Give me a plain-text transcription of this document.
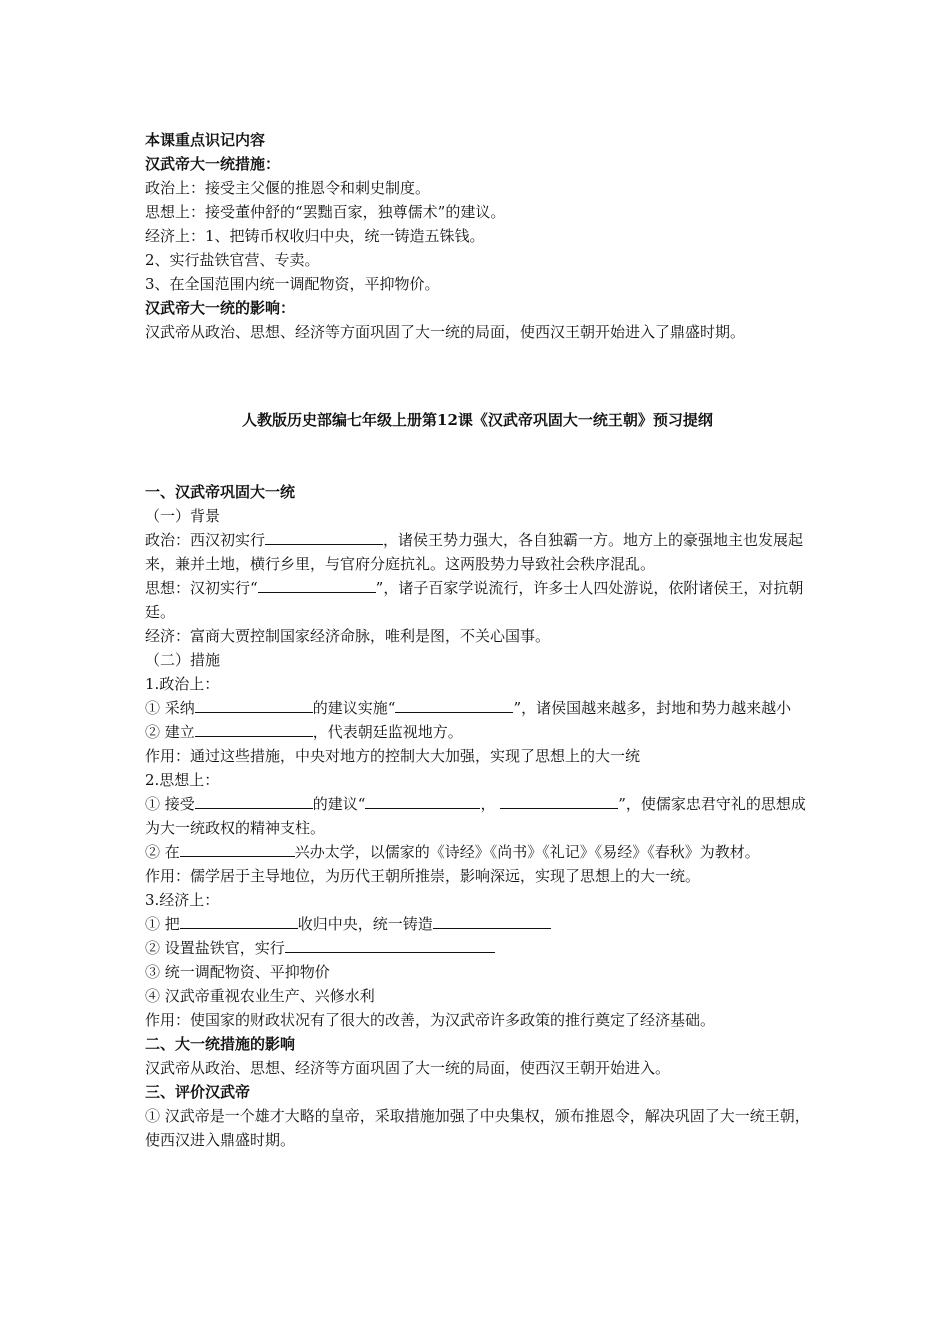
本课重点识记内容
汉武帝大一统措施：
政治上：接受主父偃的推恩令和刺史制度。
思想上：接受董仲舒的“罢黜百家，独尊儒术”的建议。
经济上：1、把铸币权收归中央，统一铸造五铢钱。
2、实行盐铁官营、专卖。
3、在全国范围内统一调配物资，平抑物价。
汉武帝大一统的影响：
汉武帝从政治、思想、经济等方面巩固了大一统的局面，使西汉王朝开始进入了鼎盛时期。
人教版历史部编七年级上册第12课《汉武帝巩固大一统王朝》预习提纲
一、汉武帝巩固大一统
（一）背景
政治：西汉初实行	，诸侯王势力强大，各自独霸一方。地方上的豪强地主也发展起来，兼并土地，横行乡里，与官府分庭抗礼。这两股势力导致社会秩序混乱。
思想：汉初实行“	”，诸子百家学说流行，许多士人四处游说，依附诸侯王，对抗朝廷。
经济：富商大贾控制国家经济命脉，唯利是图，不关心国事。
（二）措施
1.政治上：
① 采纳	的建议实施“	”，诸侯国越来越多，封地和势力越来越小
② 建立	，代表朝廷监视地方。
作用：通过这些措施，中央对地方的控制大大加强，实现了思想上的大一统
2.思想上：
① 接受	的建议“	，	”，使儒家忠君守礼的思想成为大一统政权的精神支柱。
② 在	兴办太学，以儒家的《诗经》《尚书》《礼记》《易经》《春秋》为教材。
作用：儒学居于主导地位，为历代王朝所推崇，影响深远，实现了思想上的大一统。
3.经济上：
① 把	收归中央，统一铸造
② 设置盐铁官，实行
③ 统一调配物资、平抑物价
④ 汉武帝重视农业生产、兴修水利
作用：使国家的财政状况有了很大的改善，为汉武帝许多政策的推行奠定了经济基础。
二、大一统措施的影响
汉武帝从政治、思想、经济等方面巩固了大一统的局面，使西汉王朝开始进入。
三、评价汉武帝
① 汉武帝是一个雄才大略的皇帝，采取措施加强了中央集权，颁布推恩令，解决巩固了大一统王朝，使西汉进入鼎盛时期。
